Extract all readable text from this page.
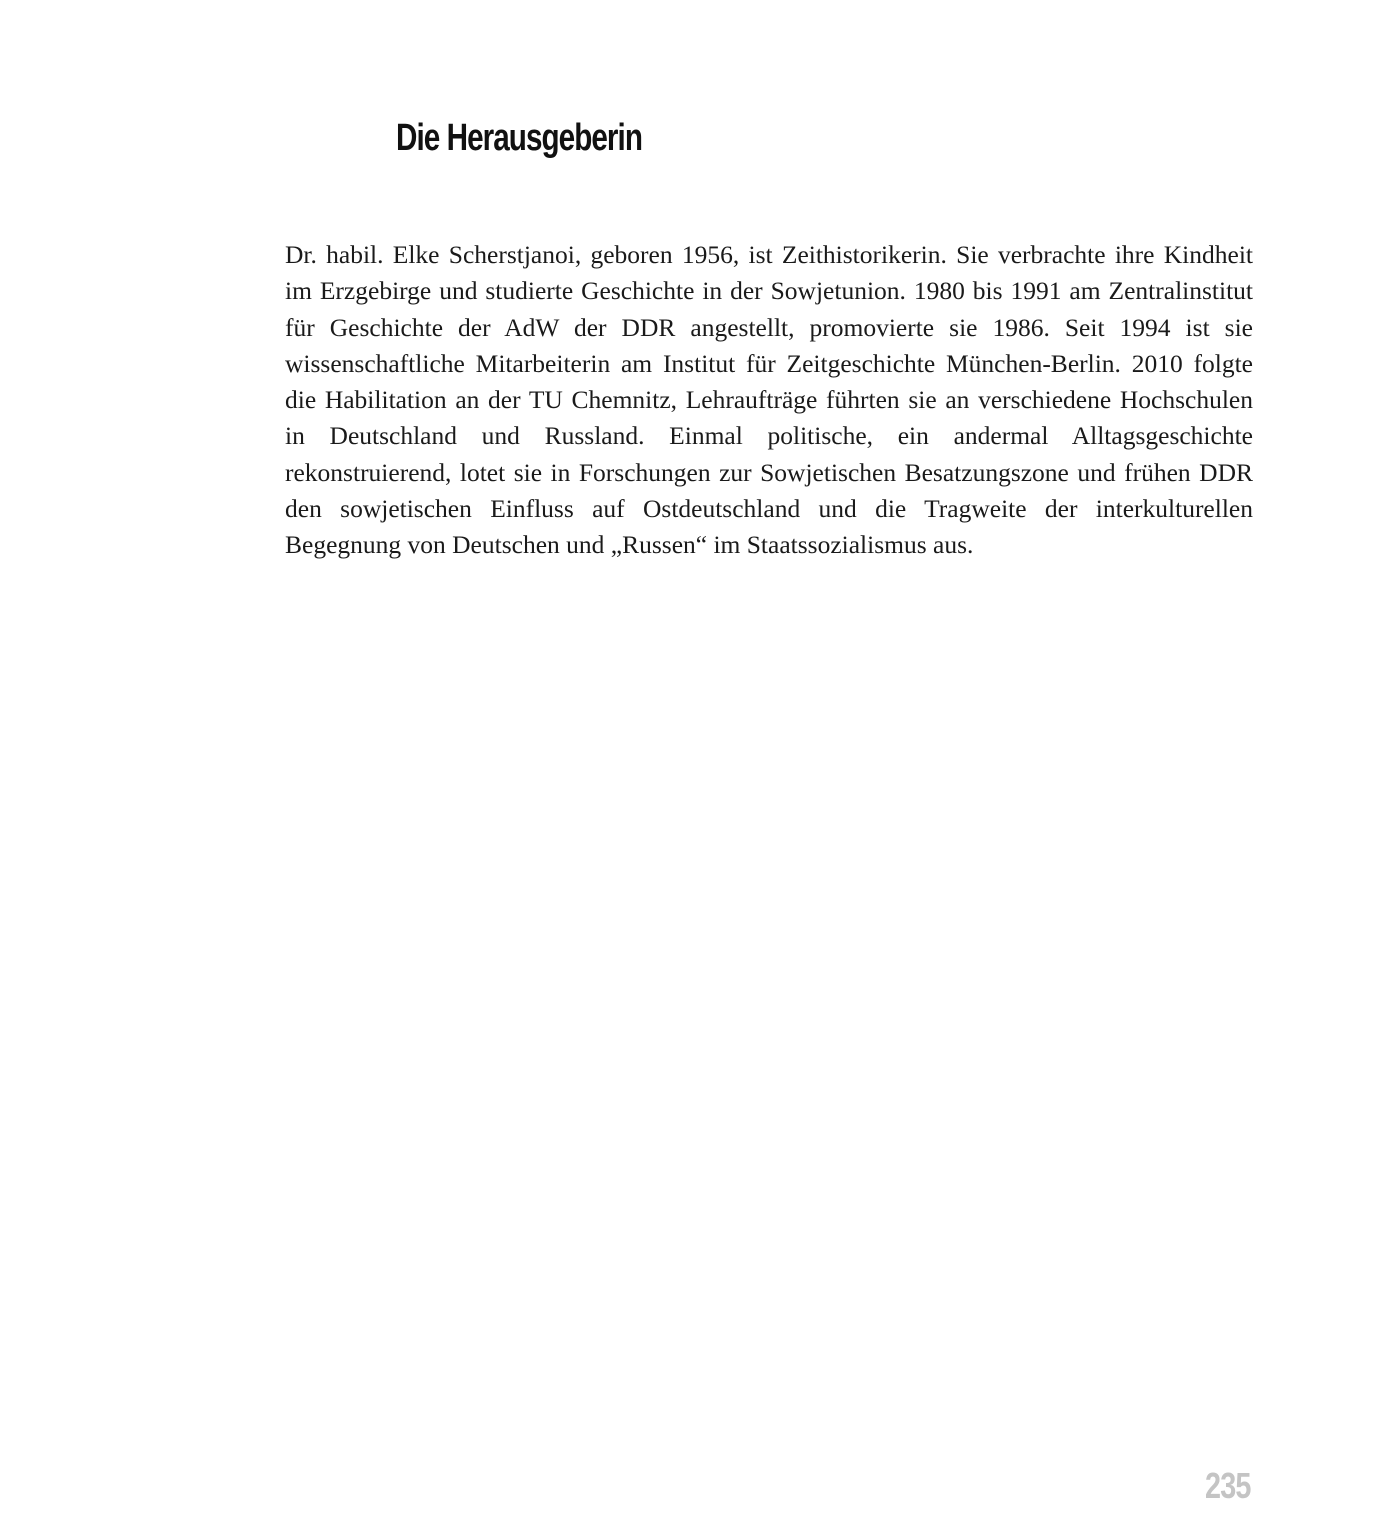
Die Herausgeberin

Dr. habil. Elke Scherstjanoi, geboren 1956, ist Zeithistorikerin. Sie verbrachte ihre Kindheit im Erzgebirge und studierte Geschichte in der Sowjetunion. 1980 bis 1991 am Zentralinstitut für Geschichte der AdW der DDR angestellt, promovierte sie 1986. Seit 1994 ist sie wissenschaftliche Mitarbeiterin am Institut für Zeitgeschichte München-Berlin. 2010 folgte die Habilitation an der TU Chemnitz, Lehraufträge führten sie an verschiedene Hochschulen in Deutschland und Russland. Einmal politische, ein andermal Alltagsgeschichte rekonstruierend, lotet sie in Forschungen zur Sowjetischen Besatzungszone und frühen DDR den sowjetischen Einfluss auf Ostdeutschland und die Tragweite der interkulturellen Begegnung von Deutschen und „Russen“ im Staatssozialismus aus.

235
